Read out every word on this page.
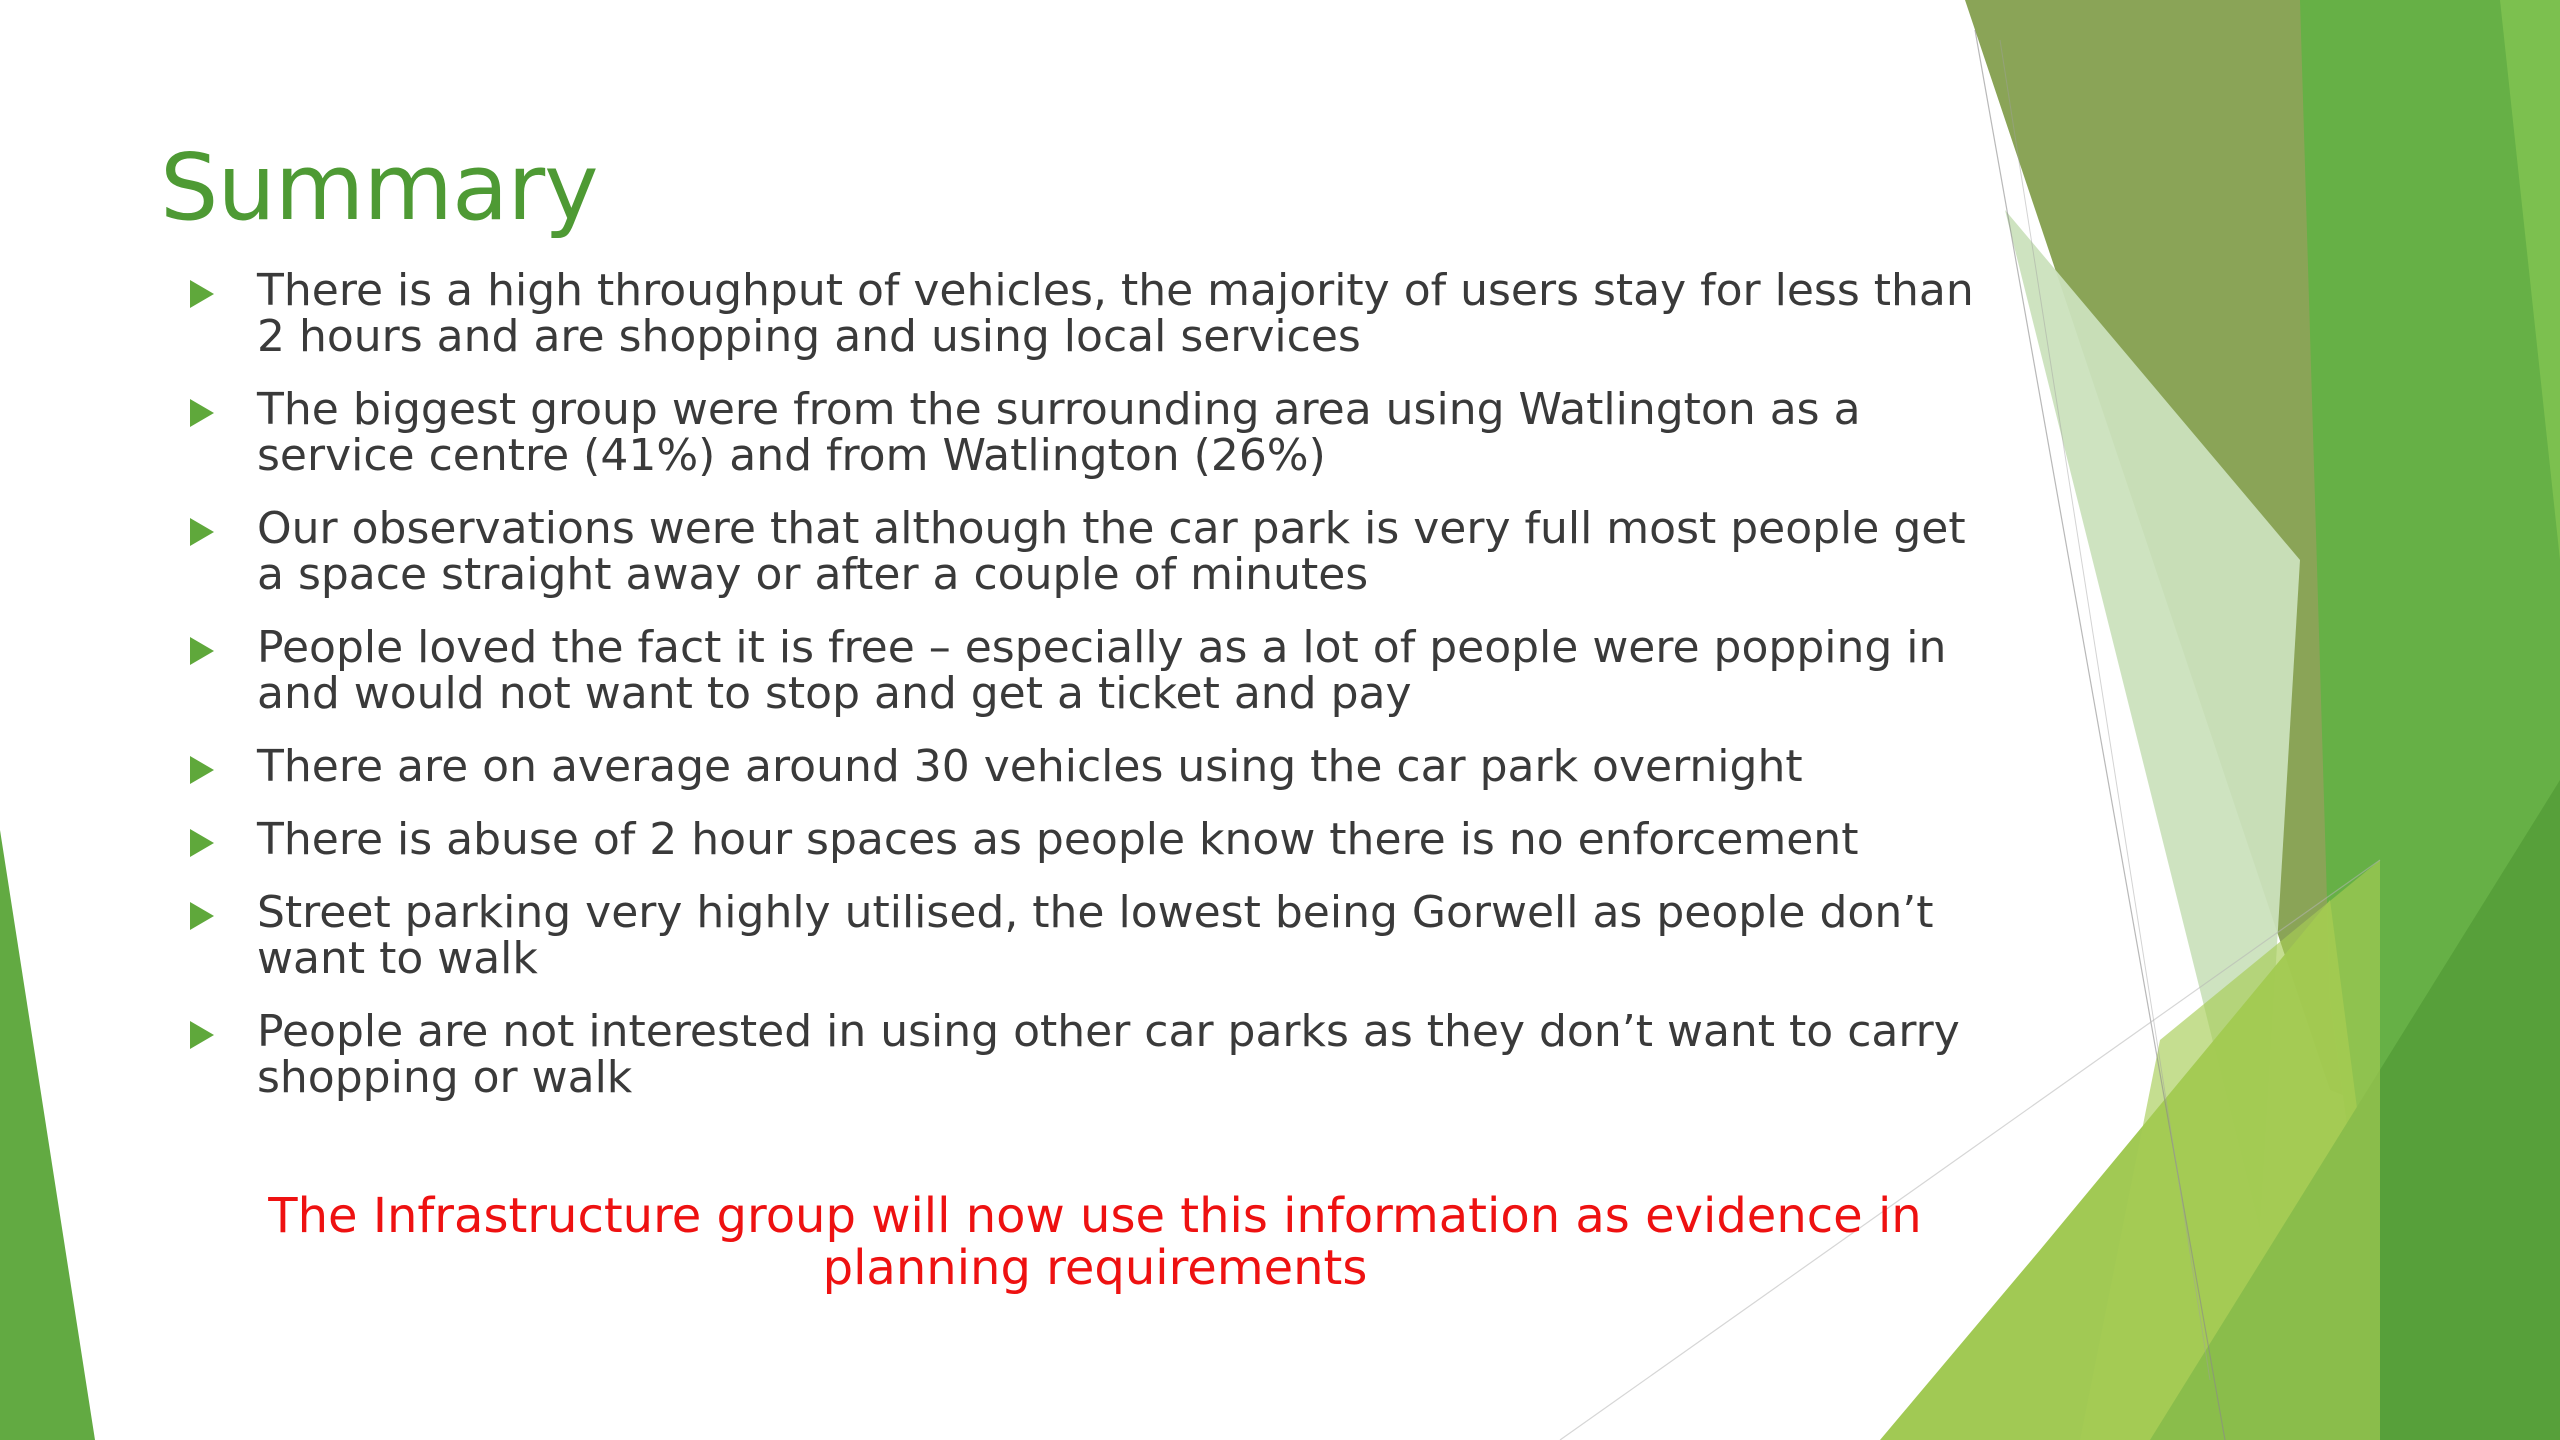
Summary
There is a high throughput of vehicles, the majority of users stay for less than 2 hours and are shopping and using local services
The biggest group were from the surrounding area using Watlington as a service centre (41%) and from Watlington (26%)
Our observations were that although the car park is very full most people get a space straight away or after a couple of minutes
People loved the fact it is free – especially as a lot of people were popping in and would not want to stop and get a ticket and pay
There are on average around 30 vehicles using the car park overnight
There is abuse of 2 hour spaces as people know there is no enforcement
Street parking very highly utilised, the lowest being Gorwell as people don’t want to walk
People are not interested in using other car parks as they don’t want to carry shopping or walk

The Infrastructure group will now use this information as evidence in planning requirements
